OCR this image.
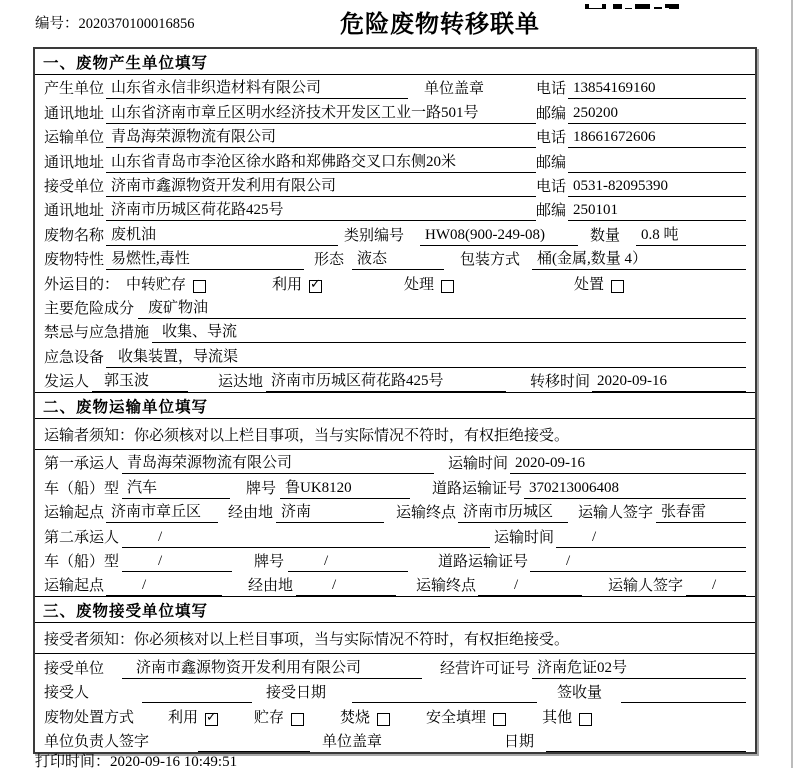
编号：2020370100016856	危险废物转移联单
一、废物产生单位填写
产生单位 山东省永信非织造材料有限公司	单位盖章	电话 13854169160
通讯地址 山东省济南市章丘区明水经济技术开发区工业一路501号	邮编 250200
运输单位 青岛海荣源物流有限公司	电话 18661672606
通讯地址 山东省青岛市李沧区徐水路和郑佛路交叉口东侧20米	邮编
接受单位 济南市鑫源物资开发利用有限公司	电话 0531-82095390
通讯地址 济南市历城区荷花路425号	邮编 250101
废物名称 废机油	类别编号	HW08(900-249-08)	数量	0.8 吨
废物特性 易燃性,毒性	形态 液态	包装方式	桶(金属,数量 4）
外运目的： 中转贮存	利用 ✓	处理	处置
主要危险成分 废矿物油
禁忌与应急措施 收集、导流
应急设备 收集装置，导流渠
发运人 郭玉波	运达地 济南市历城区荷花路425号	转移时间 2020-09-16
二、废物运输单位填写
运输者须知：你必须核对以上栏目事项，当与实际情况不符时，有权拒绝接受。
第一承运人 青岛海荣源物流有限公司	运输时间 2020-09-16
车（船）型 汽车	牌号 鲁UK8120	道路运输证号 370213006408
运输起点 济南市章丘区	经由地 济南	运输终点 济南市历城区	运输人签字 张春雷
第二承运人	/	运输时间	/
车（船）型	/	牌号	/	道路运输证号	/
运输起点	/	经由地	/	运输终点	/	运输人签字	/
三、废物接受单位填写
接受者须知：你必须核对以上栏目事项，当与实际情况不符时，有权拒绝接受。
接受单位	济南市鑫源物资开发利用有限公司	经营许可证号 济南危证02号
接受人	接受日期	签收量
废物处置方式	利用 ✓	贮存	焚烧	安全填埋	其他
单位负责人签字	单位盖章	日期
打印时间：2020-09-16 10:49:51
